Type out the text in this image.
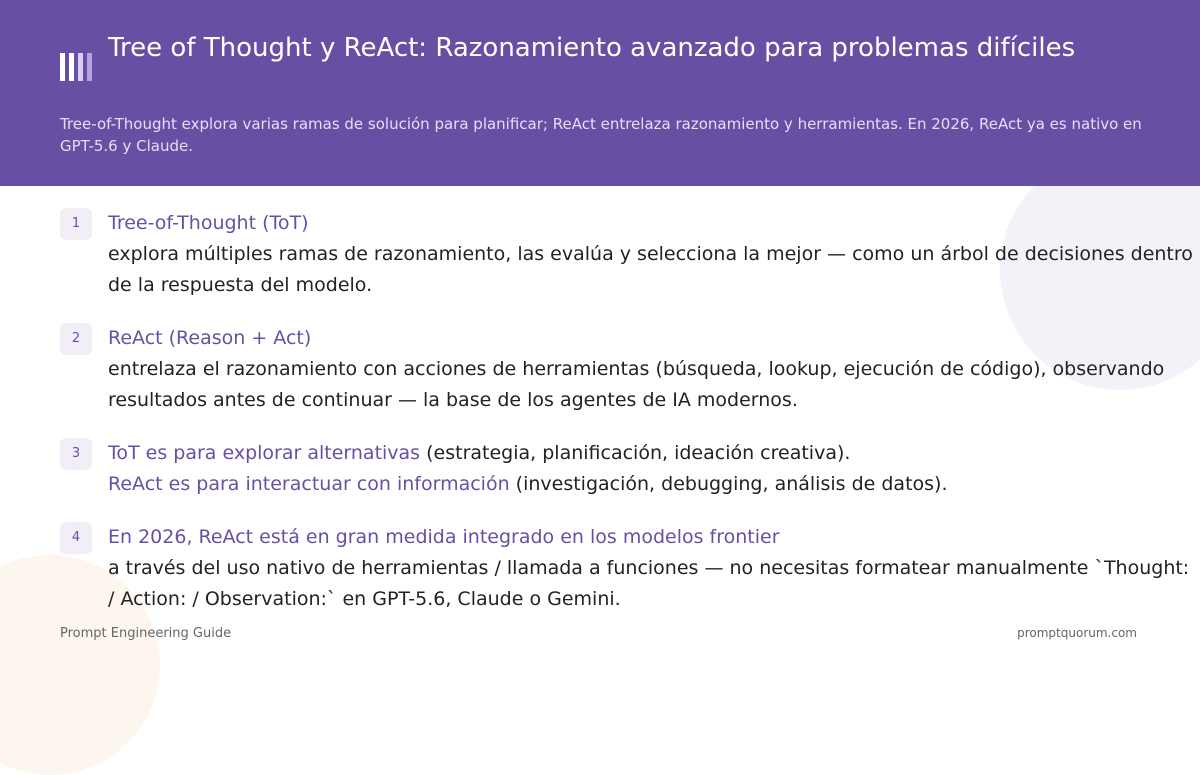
Tree of Thought y ReAct: Razonamiento avanzado para problemas difíciles

Tree-of-Thought explora varias ramas de solución para planificar; ReAct entrelaza razonamiento y herramientas. En 2026, ReAct ya es nativo en GPT-5.6 y Claude.

1	Tree-of-Thought (ToT)

explora múltiples ramas de razonamiento, las evalúa y selecciona la mejor — como un árbol de decisiones dentro de la respuesta del modelo.

2	ReAct (Reason + Act)

entrelaza el razonamiento con acciones de herramientas (búsqueda, lookup, ejecución de código), observando resultados antes de continuar — la base de los agentes de IA modernos.

3	ToT es para explorar alternativas (estrategia, planificación, ideación creativa).
ReAct es para interactuar con información (investigación, debugging, análisis de datos).
4	En 2026, ReAct está en gran medida integrado en los modelos frontier

a través del uso nativo de herramientas / llamada a funciones — no necesitas formatear manualmente `Thought: / Action: / Observation:` en GPT-5.6, Claude o Gemini.

Prompt Engineering Guide	promptquorum.com
